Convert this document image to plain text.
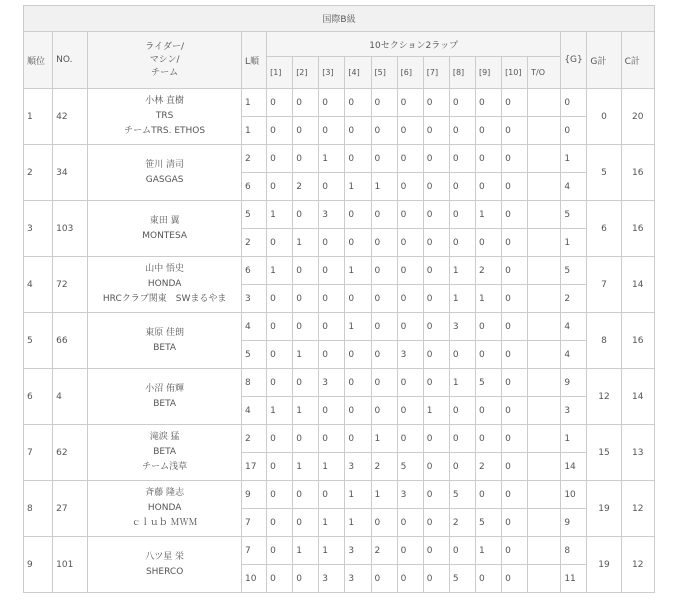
国際B級																	
順位	NO.	ライダー/
マシン/
チーム	L順	10セクション2ラップ											{G}	G計	C計
				[1]	[2]	[3]	[4]	[5]	[6]	[7]	[8]	[9]	[10]	T/O			
1	42	小林 直樹
TRS
チームTRS. ETHOS	1	0	0	0	0	0	0	0	0	0	0		0	0	20
			1	0	0	0	0	0	0	0	0	0	0		0		
2	34	笹川 清司
GASGAS	2	0	0	1	0	0	0	0	0	0	0		1	5	16
			6	0	2	0	1	1	0	0	0	0	0		4		
3	103	東田 翼
MONTESA	5	1	0	3	0	0	0	0	0	1	0		5	6	16
			2	0	1	0	0	0	0	0	0	0	0		1		
4	72	山中 悟史
HONDA
HRCクラブ関東　SWまるやま	6	1	0	0	1	0	0	0	1	2	0		5	7	14
			3	0	0	0	0	0	0	0	1	1	0		2		
5	66	東原 佳朗
BETA	4	0	0	0	1	0	0	0	3	0	0		4	8	16
			5	0	1	0	0	0	3	0	0	0	0		4		
6	4	小沼 侑輝
BETA	8	0	0	3	0	0	0	0	1	5	0		9	12	14
			4	1	1	0	0	0	0	1	0	0	0		3		
7	62	滝淚 猛
BETA
チーム浅草	2	0	0	0	0	1	0	0	0	0	0		1	15	13
			17	0	1	1	3	2	5	0	0	2	0		14		
8	27	斉藤 隆志
HONDA
ｃｌｕｂ ＭＷＭ	9	0	0	0	1	1	3	0	5	0	0		10	19	12
			7	0	0	1	1	0	0	0	2	5	0		9		
9	101	八ツ星 栄
SHERCO	7	0	1	1	3	2	0	0	0	1	0		8	19	12
			10	0	0	3	3	0	0	0	5	0	0		11		
